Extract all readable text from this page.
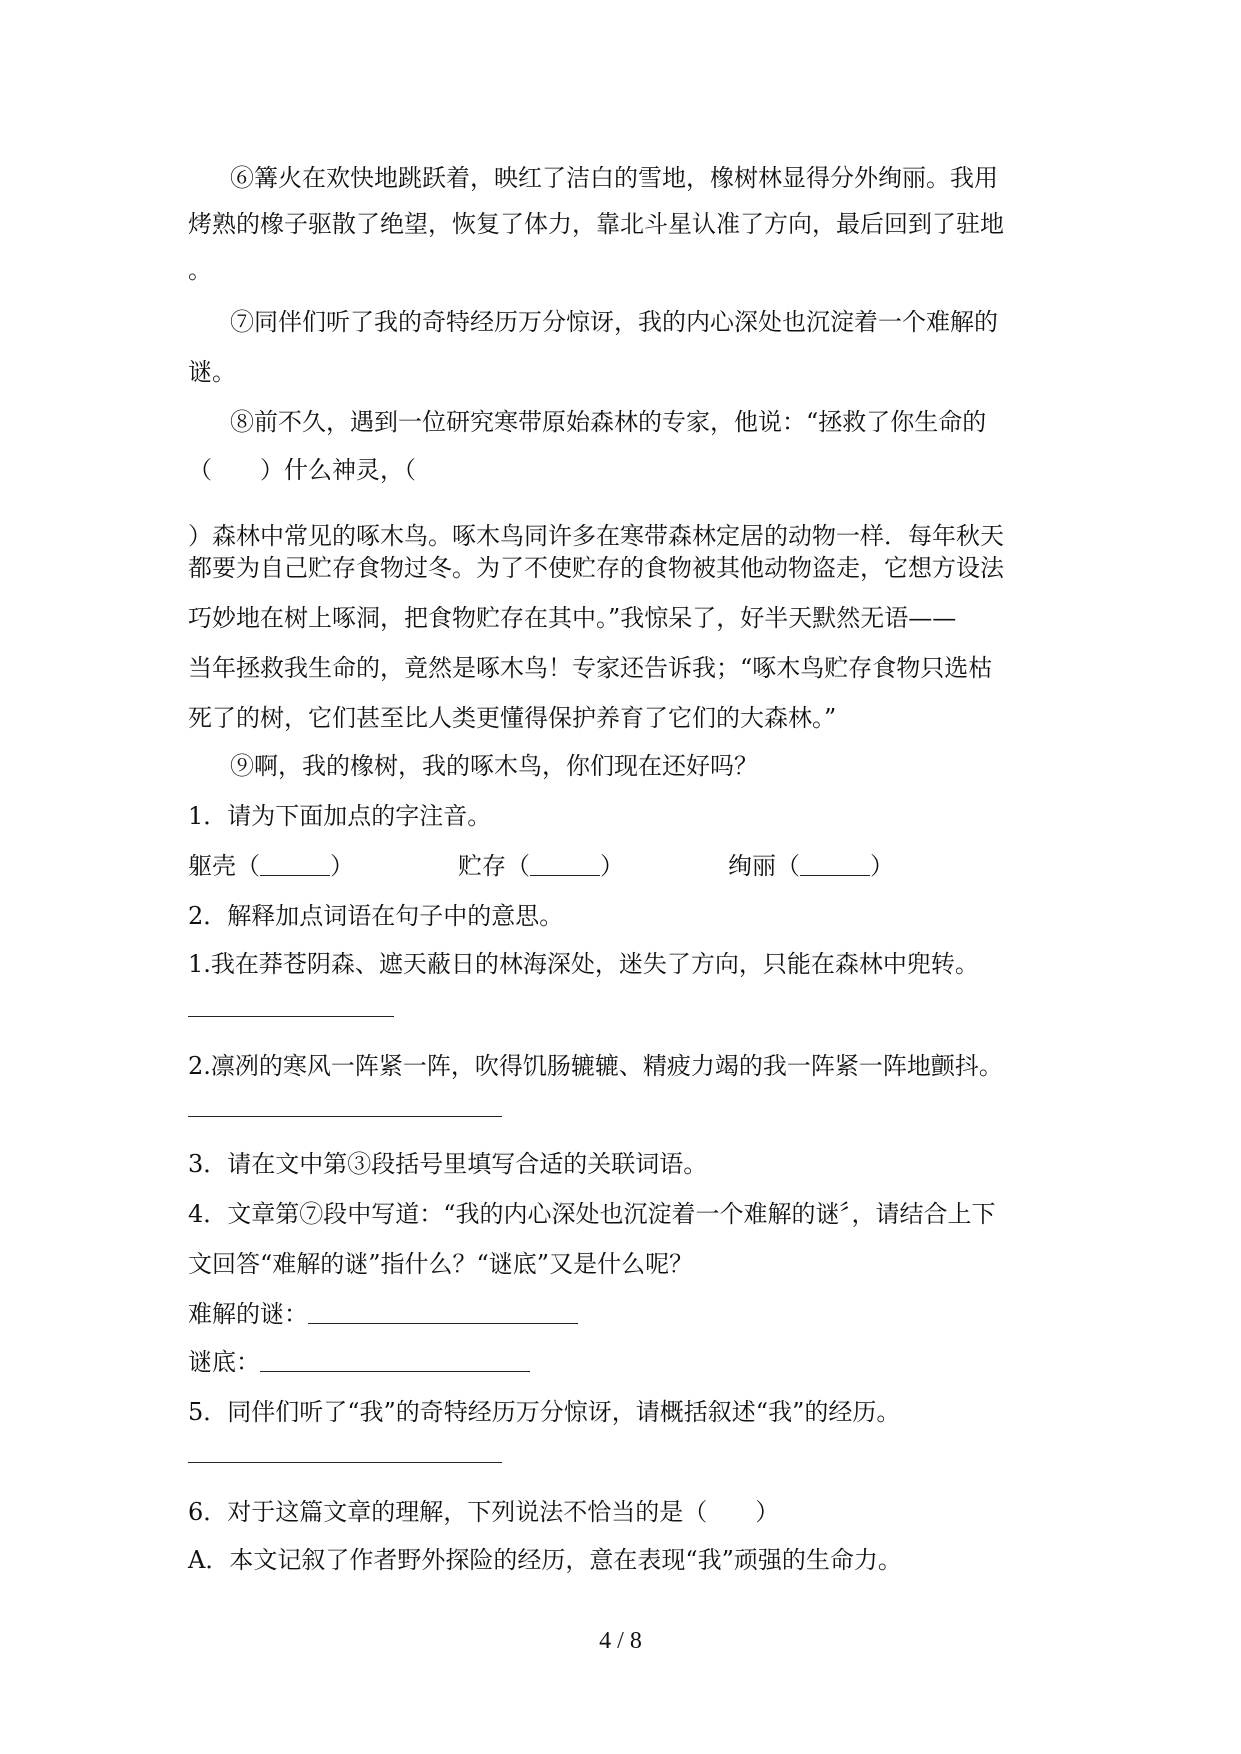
⑥篝火在欢快地跳跃着，映红了洁白的雪地，橡树林显得分外绚丽。我用
烤熟的橡子驱散了绝望，恢复了体力，靠北斗星认准了方向，最后回到了驻地
。
⑦同伴们听了我的奇特经历万分惊讶，我的内心深处也沉淀着一个难解的
谜。
⑧前不久，遇到一位研究寒带原始森林的专家，他说：“拯救了你生命的
（　　）什么神灵，（
）森林中常见的啄木鸟。啄木鸟同许多在寒带森林定居的动物一样．每年秋天
都要为自己贮存食物过冬。为了不使贮存的食物被其他动物盗走，它想方设法
巧妙地在树上啄洞，把食物贮存在其中。”我惊呆了，好半天默然无语——
当年拯救我生命的，竟然是啄木鸟！专家还告诉我；“啄木鸟贮存食物只选枯
死了的树，它们甚至比人类更懂得保护养育了它们的大森林。”
⑨啊，我的橡树，我的啄木鸟，你们现在还好吗？
1．请为下面加点的字注音。
躯壳（	）	贮存（	）	绚丽（	）
2．解释加点词语在句子中的意思。
1.我在莽苍阴森、遮天蔽日的林海深处，迷失了方向，只能在森林中兜转。
2.凛冽的寒风一阵紧一阵，吹得饥肠辘辘、精疲力竭的我一阵紧一阵地颤抖。
3．请在文中第③段括号里填写合适的关联词语。
4．文章第⑦段中写道：“我的内心深处也沉淀着一个难解的谜〞，请结合上下
文回答“难解的谜”指什么？“谜底”又是什么呢？
难解的谜：
谜底：
5．同伴们听了“我”的奇特经历万分惊讶，请概括叙述“我”的经历。
6．对于这篇文章的理解，下列说法不恰当的是（　　）
A．本文记叙了作者野外探险的经历，意在表现“我”顽强的生命力。
4 / 8
